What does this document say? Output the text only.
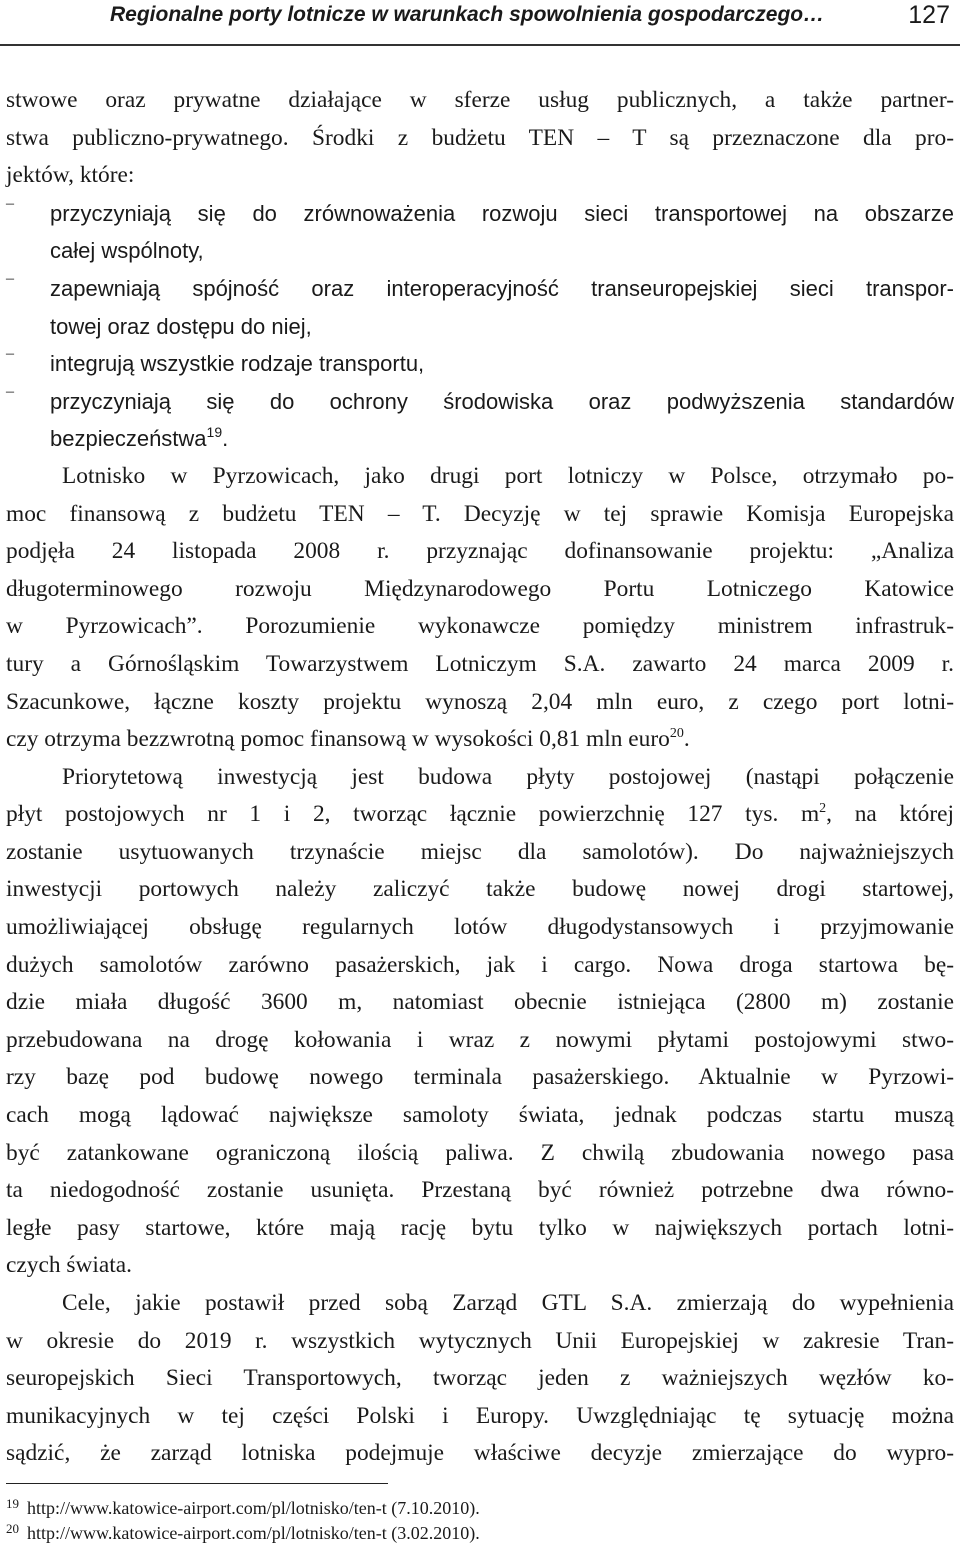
Regionalne porty lotnicze w warunkach spowolnienia gospodarczego…	127
stwowe oraz prywatne działające w sferze usług publicznych, a także partner-
stwa publiczno-prywatnego. Środki z budżetu TEN – T są przeznaczone dla pro-
jektów, które:
– przyczyniają się do zrównoważenia rozwoju sieci transportowej na obszarze
całej wspólnoty,
– zapewniają spójność oraz interoperacyjność transeuropejskiej sieci transpor-
towej oraz dostępu do niej,
– integrują wszystkie rodzaje transportu,
– przyczyniają się do ochrony środowiska oraz podwyższenia standardów
bezpieczeństwa$^{19}$.
Lotnisko w Pyrzowicach, jako drugi port lotniczy w Polsce, otrzymało po-
moc finansową z budżetu TEN – T. Decyzję w tej sprawie Komisja Europejska
podjęła 24 listopada 2008 r. przyznając dofinansowanie projektu: „Analiza
długoterminowego rozwoju Międzynarodowego Portu Lotniczego Katowice
w Pyrzowicach”. Porozumienie wykonawcze pomiędzy ministrem infrastruk-
tury a Górnośląskim Towarzystwem Lotniczym S.A. zawarto 24 marca 2009 r.
Szacunkowe, łączne koszty projektu wynoszą 2,04 mln euro, z czego port lotni-
czy otrzyma bezzwrotną pomoc finansową w wysokości 0,81 mln euro$^{20}$.
Priorytetową inwestycją jest budowa płyty postojowej (nastąpi połączenie
płyt postojowych nr 1 i 2, tworząc łącznie powierzchnię 127 tys. $m^2$, na której
zostanie usytuowanych trzynaście miejsc dla samolotów). Do najważniejszych
inwestycji portowych należy zaliczyć także budowę nowej drogi startowej,
umożliwiającej obsługę regularnych lotów długodystansowych i przyjmowanie
dużych samolotów zarówno pasażerskich, jak i cargo. Nowa droga startowa bę-
dzie miała długość 3600 m, natomiast obecnie istniejąca (2800 m) zostanie
przebudowana na drogę kołowania i wraz z nowymi płytami postojowymi stwo-
rzy bazę pod budowę nowego terminala pasażerskiego. Aktualnie w Pyrzowi-
cach mogą lądować największe samoloty świata, jednak podczas startu muszą
być zatankowane ograniczoną ilością paliwa. Z chwilą zbudowania nowego pasa
ta niedogodność zostanie usunięta. Przestaną być również potrzebne dwa równo-
ległe pasy startowe, które mają rację bytu tylko w największych portach lotni-
czych świata.
Cele, jakie postawił przed sobą Zarząd GTL S.A. zmierzają do wypełnienia
w okresie do 2019 r. wszystkich wytycznych Unii Europejskiej w zakresie Tran-
seuropejskich Sieci Transportowych, tworząc jeden z ważniejszych węzłów ko-
munikacyjnych w tej części Polski i Europy. Uwzględniając tę sytuację można
sądzić, że zarząd lotniska podejmuje właściwe decyzje zmierzające do wypro-
$^{19}$ http://www.katowice-airport.com/pl/lotnisko/ten-t (7.10.2010).
$^{20}$ http://www.katowice-airport.com/pl/lotnisko/ten-t (3.02.2010).
